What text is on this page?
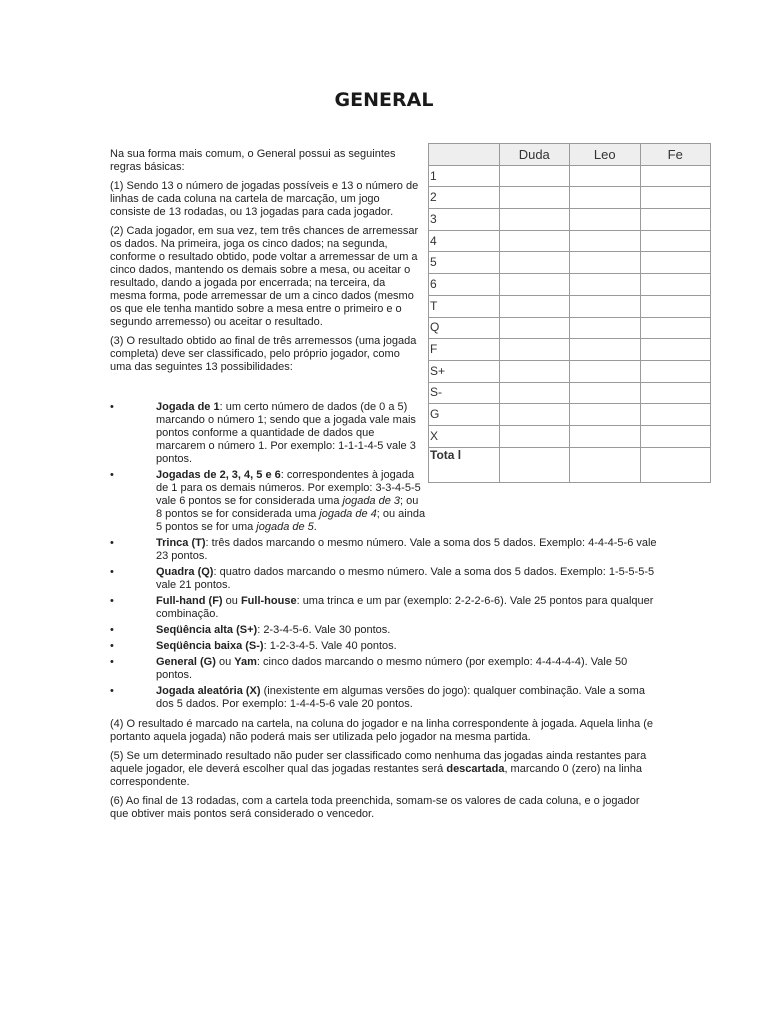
GENERAL

Na sua forma mais comum, o General possui as seguintes regras básicas:

(1) Sendo 13 o número de jogadas possíveis e 13 o número de linhas de cada coluna na cartela de marcação, um jogo consiste de 13 rodadas, ou 13 jogadas para cada jogador.

(2) Cada jogador, em sua vez, tem três chances de arremessar os dados. Na primeira, joga os cinco dados; na segunda, conforme o resultado obtido, pode voltar a arremessar de um a cinco dados, mantendo os demais sobre a mesa, ou aceitar o resultado, dando a jogada por encerrada; na terceira, da mesma forma, pode arremessar de um a cinco dados (mesmo os que ele tenha mantido sobre a mesa entre o primeiro e o segundo arremesso) ou aceitar o resultado.

(3) O resultado obtido ao final de três arremessos (uma jogada completa) deve ser classificado, pelo próprio jogador, como uma das seguintes 13 possibilidades:

	Duda	Leo	Fe
1			
2			
3			
4			
5			
6			
T			
Q			
F			
S+			
S-			
G			
X			
Tota l			
•	Jogada de 1: um certo número de dados (de 0 a 5) marcando o número 1; sendo que a jogada vale mais pontos conforme a quantidade de dados que marcarem o número 1. Por exemplo: 1-1-1-4-5 vale 3 pontos.
•	Jogadas de 2, 3, 4, 5 e 6: correspondentes à jogada de 1 para os demais números. Por exemplo: 3-3-4-5-5 vale 6 pontos se for considerada uma jogada de 3; ou 8 pontos se for considerada uma jogada de 4; ou ainda 5 pontos se for uma jogada de 5.
•	Trinca (T): três dados marcando o mesmo número. Vale a soma dos 5 dados. Exemplo: 4-4-4-5-6 vale 23 pontos.
•	Quadra (Q): quatro dados marcando o mesmo número. Vale a soma dos 5 dados. Exemplo: 1-5-5-5-5 vale 21 pontos.
•	Full-hand (F) ou Full-house: uma trinca e um par (exemplo: 2-2-2-6-6). Vale 25 pontos para qualquer combinação.
•	Seqüência alta (S+): 2-3-4-5-6. Vale 30 pontos.
•	Seqüência baixa (S-): 1-2-3-4-5. Vale 40 pontos.
•	General (G) ou Yam: cinco dados marcando o mesmo número (por exemplo: 4-4-4-4-4). Vale 50 pontos.
•	Jogada aleatória (X) (inexistente em algumas versões do jogo): qualquer combinação. Vale a soma dos 5 dados. Por exemplo: 1-4-4-5-6 vale 20 pontos.

(4) O resultado é marcado na cartela, na coluna do jogador e na linha correspondente à jogada. Aquela linha (e portanto aquela jogada) não poderá mais ser utilizada pelo jogador na mesma partida.

(5) Se um determinado resultado não puder ser classificado como nenhuma das jogadas ainda restantes para aquele jogador, ele deverá escolher qual das jogadas restantes será descartada, marcando 0 (zero) na linha correspondente.

(6) Ao final de 13 rodadas, com a cartela toda preenchida, somam-se os valores de cada coluna, e o jogador que obtiver mais pontos será considerado o vencedor.
